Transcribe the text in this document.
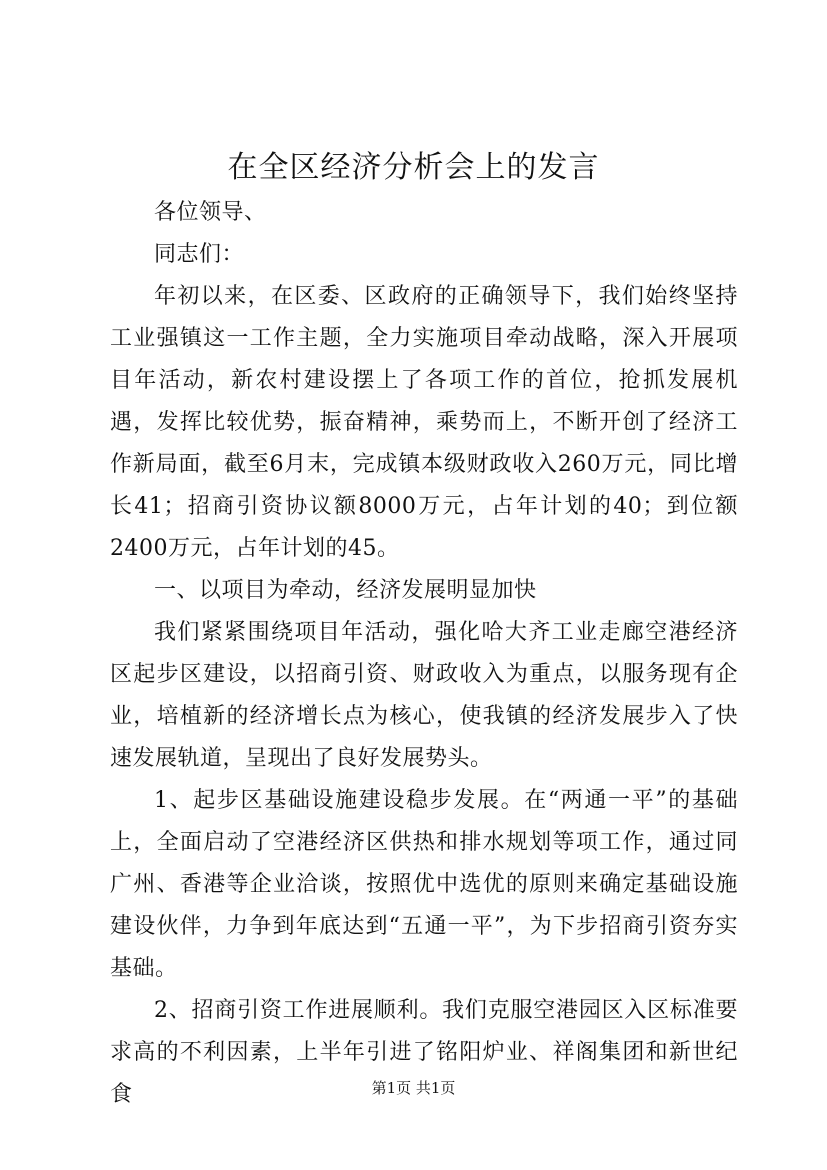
在全区经济分析会上的发言

各位领导、

同志们：

年初以来，在区委、区政府的正确领导下，我们始终坚持工业强镇这一工作主题，全力实施项目牵动战略，深入开展项目年活动，新农村建设摆上了各项工作的首位，抢抓发展机遇，发挥比较优势，振奋精神，乘势而上，不断开创了经济工作新局面，截至6月末，完成镇本级财政收入260万元，同比增长41；招商引资协议额8000万元，占年计划的40；到位额2400万元，占年计划的45。

一、以项目为牵动，经济发展明显加快

我们紧紧围绕项目年活动，强化哈大齐工业走廊空港经济区起步区建设，以招商引资、财政收入为重点，以服务现有企业，培植新的经济增长点为核心，使我镇的经济发展步入了快速发展轨道，呈现出了良好发展势头。

1、起步区基础设施建设稳步发展。在“两通一平”的基础上，全面启动了空港经济区供热和排水规划等项工作，通过同广州、香港等企业洽谈，按照优中选优的原则来确定基础设施建设伙伴，力争到年底达到“五通一平”，为下步招商引资夯实基础。

2、招商引资工作进展顺利。我们克服空港园区入区标准要求高的不利因素，上半年引进了铭阳炉业、祥阁集团和新世纪食	第1页 共1页
